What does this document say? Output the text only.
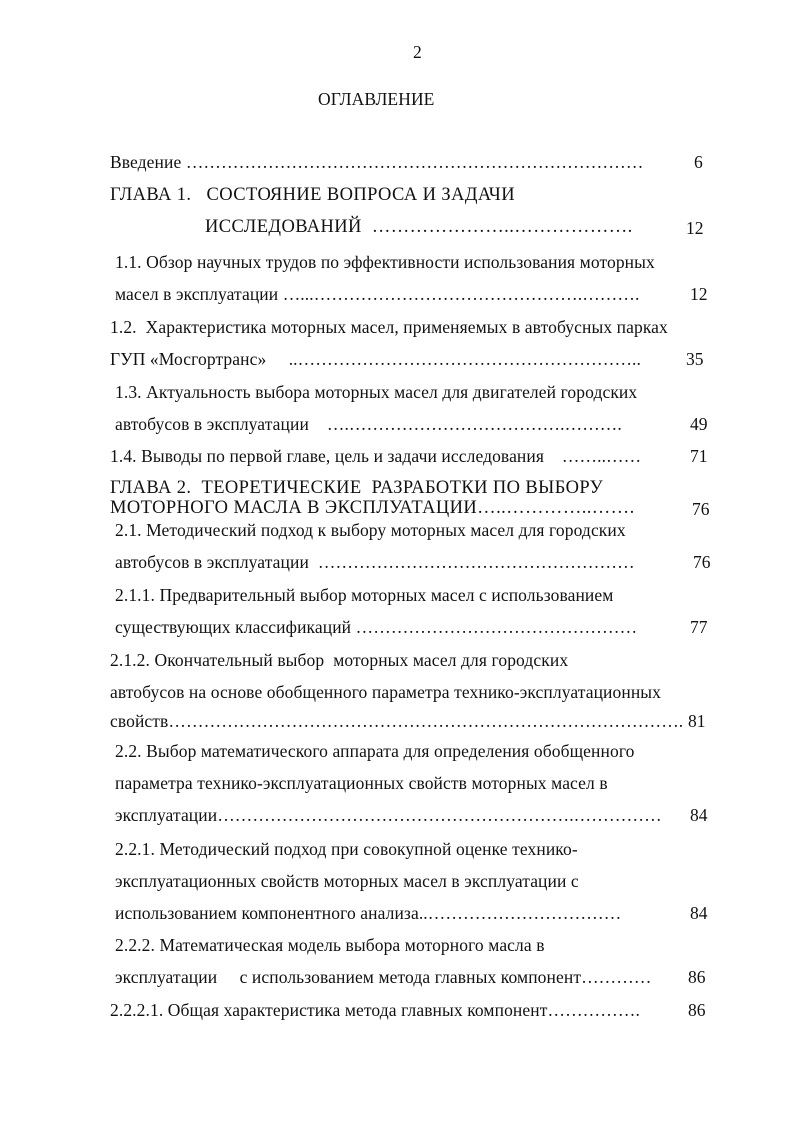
2
ОГЛАВЛЕНИЕ
Введение ……………………………………………………………………	6
ГЛАВА 1.   СОСТОЯНИЕ ВОПРОСА И ЗАДАЧИ
ИССЛЕДОВАНИЙ  …………………..……………….	12
1.1. Обзор научных трудов по эффективности использования моторных
масел в эксплуатации …...……………………………………….……….	12
1.2.  Характеристика моторных масел, применяемых в автобусных парках
ГУП «Мосгортранс»     ..…………………………………………………..	35
1.3. Актуальность выбора моторных масел для двигателей городских
автобусов в эксплуатации    ….……………………………….……….	49
1.4. Выводы по первой главе, цель и задачи исследования    ……..……	71
ГЛАВА 2.  ТЕОРЕТИЧЕСКИЕ  РАЗРАБОТКИ ПО ВЫБОРУ
МОТОРНОГО МАСЛА В ЭКСПЛУАТАЦИИ…..…………..…….	76
2.1. Методический подход к выбору моторных масел для городских
автобусов в эксплуатации  ………………………………………………	76
2.1.1. Предварительный выбор моторных масел с использованием
существующих классификаций …………………………………………	77
2.1.2. Окончательный выбор  моторных масел для городских
автобусов на основе обобщенного параметра технико-эксплуатационных
свойств……………………………………………………………………………. 81
2.2. Выбор математического аппарата для определения обобщенного
параметра технико-эксплуатационных свойств моторных масел в
эксплуатации…………………………………………………….…………… 84
2.2.1. Методический подход при совокупной оценке технико-
эксплуатационных свойств моторных масел в эксплуатации с
использованием компонентного анализа..……………………………	84
2.2.2. Математическая модель выбора моторного масла в
эксплуатации     с использованием метода главных компонент………… 86
2.2.2.1. Общая характеристика метода главных компонент…………….	86
